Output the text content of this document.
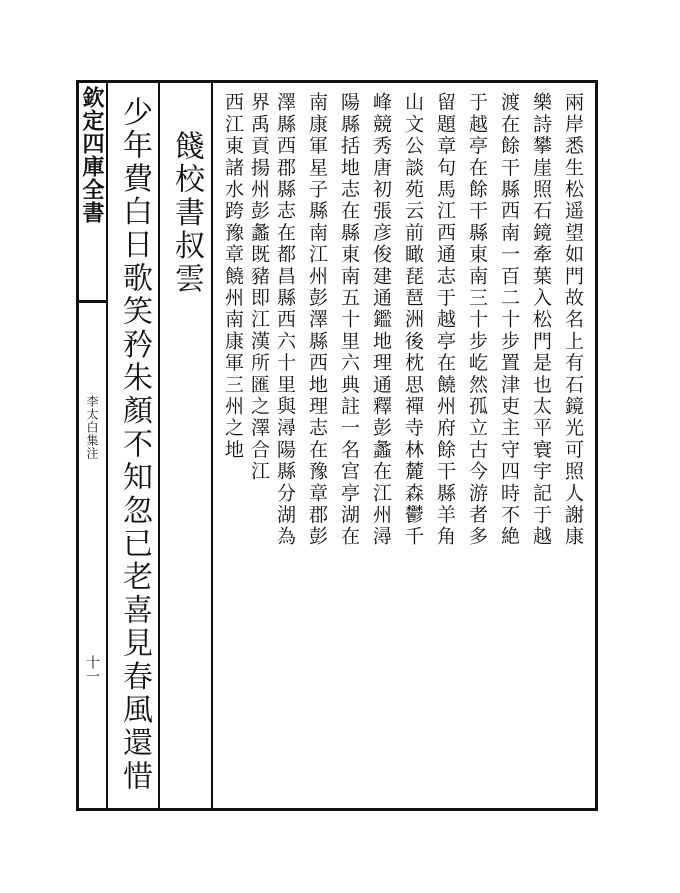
欽定四庫全書
李太白集注
十一
兩岸悉生松遥望如門故名上有石鏡光可照人謝康
樂詩攀崖照石鏡牽葉入松門是也太平寰宇記于越
渡在餘干縣西南一百二十步置津吏主守四時不絶
于越亭在餘干縣東南三十步屹然孤立古今游者多
留題章句馬江西通志于越亭在饒州府餘干縣羊角
山文公談苑云前瞰琵琶洲後枕思禪寺林麓森鬱千
峰競秀唐初張彦俊建通鑑地理通釋彭蠡在江州潯
陽縣括地志在縣東南五十里六典註一名宫亭湖在
南康軍星子縣南江州彭澤縣西地理志在豫章郡彭
澤縣西郡縣志在都昌縣西六十里與潯陽縣分湖為
界禹貢揚州彭蠡既豬即江漢所匯之澤合江
西江東諸水跨豫章饒州南康軍三州之地
餞校書叔雲
少年費白日歌笑矜朱顏不知忽已老喜見春風還惜
